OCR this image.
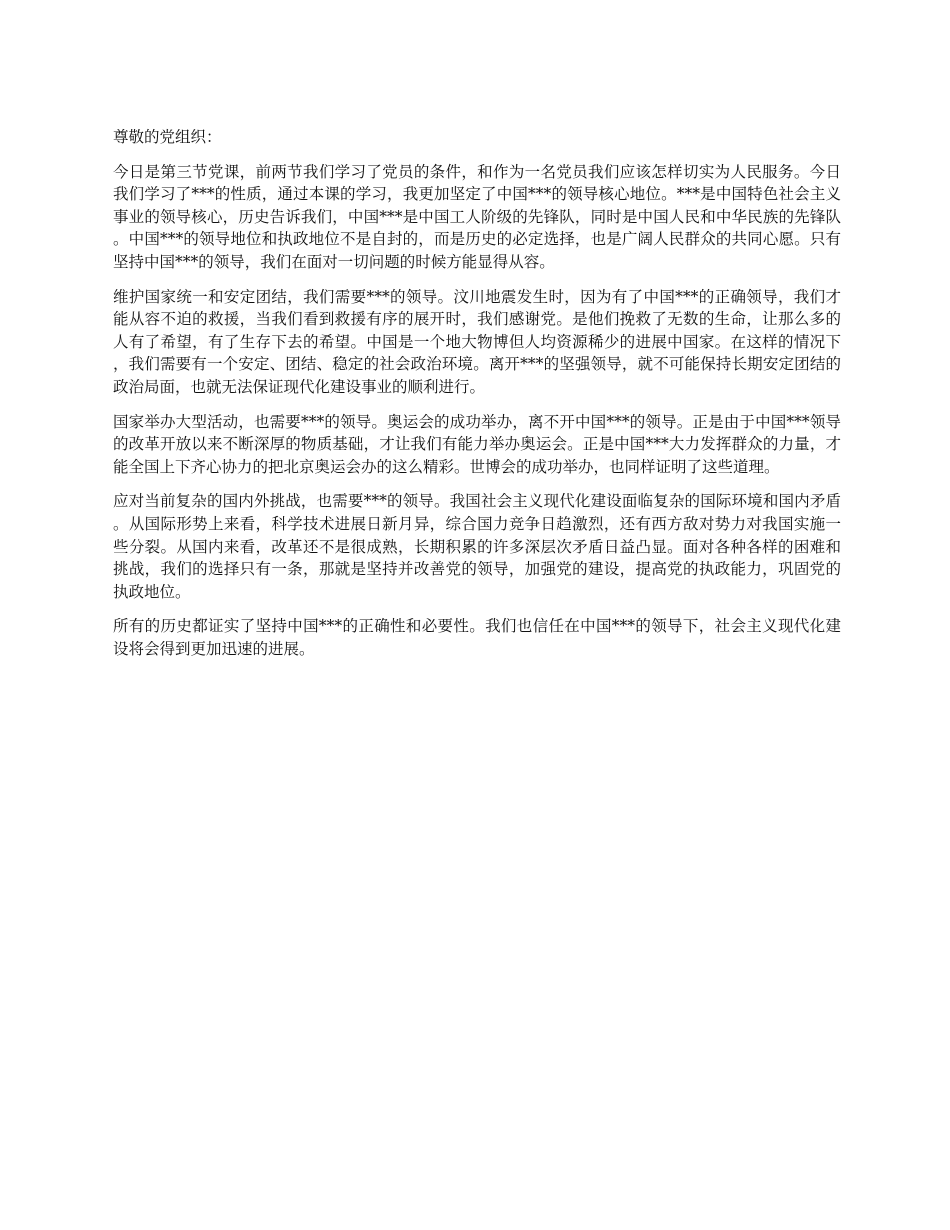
尊敬的党组织：

今日是第三节党课，前两节我们学习了党员的条件，和作为一名党员我们应该怎样切实为人民服务。今日我们学习了***的性质，通过本课的学习，我更加坚定了中国***的领导核心地位。***是中国特色社会主义事业的领导核心，历史告诉我们，中国***是中国工人阶级的先锋队，同时是中国人民和中华民族的先锋队。中国***的领导地位和执政地位不是自封的，而是历史的必定选择，也是广阔人民群众的共同心愿。只有坚持中国***的领导，我们在面对一切问题的时候方能显得从容。

维护国家统一和安定团结，我们需要***的领导。汶川地震发生时，因为有了中国***的正确领导，我们才能从容不迫的救援，当我们看到救援有序的展开时，我们感谢党。是他们挽救了无数的生命，让那么多的人有了希望，有了生存下去的希望。中国是一个地大物博但人均资源稀少的进展中国家。在这样的情况下，我们需要有一个安定、团结、稳定的社会政治环境。离开***的坚强领导，就不可能保持长期安定团结的政治局面，也就无法保证现代化建设事业的顺利进行。

国家举办大型活动，也需要***的领导。奥运会的成功举办，离不开中国***的领导。正是由于中国***领导的改革开放以来不断深厚的物质基础，才让我们有能力举办奥运会。正是中国***大力发挥群众的力量，才能全国上下齐心协力的把北京奥运会办的这么精彩。世博会的成功举办，也同样证明了这些道理。

应对当前复杂的国内外挑战，也需要***的领导。我国社会主义现代化建设面临复杂的国际环境和国内矛盾。从国际形势上来看，科学技术进展日新月异，综合国力竞争日趋激烈，还有西方敌对势力对我国实施一些分裂。从国内来看，改革还不是很成熟，长期积累的许多深层次矛盾日益凸显。面对各种各样的困难和挑战，我们的选择只有一条，那就是坚持并改善党的领导，加强党的建设，提高党的执政能力，巩固党的执政地位。

所有的历史都证实了坚持中国***的正确性和必要性。我们也信任在中国***的领导下，社会主义现代化建设将会得到更加迅速的进展。
